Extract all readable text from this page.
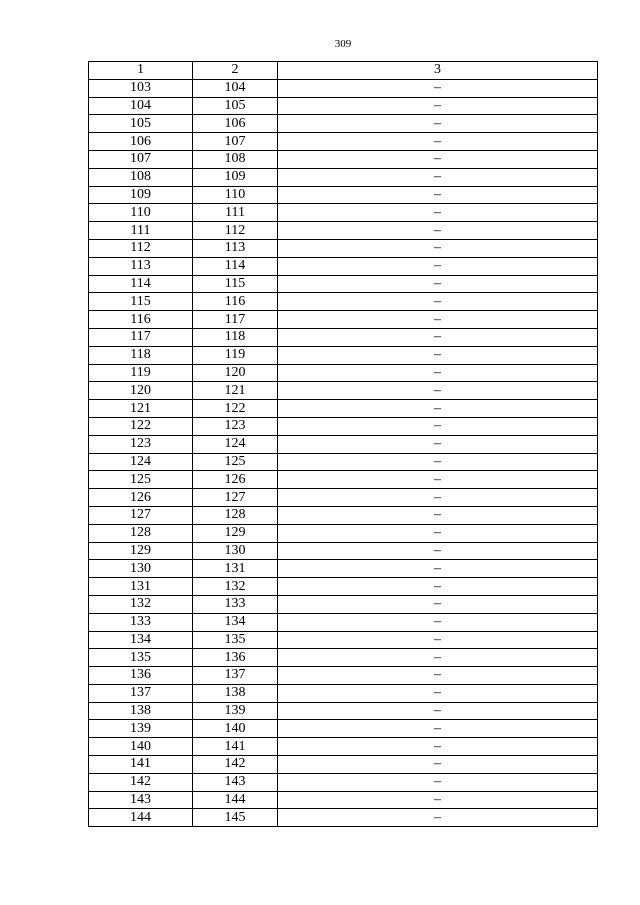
309
1	2	3
103	104	–
104	105	–
105	106	–
106	107	–
107	108	–
108	109	–
109	110	–
110	111	–
111	112	–
112	113	–
113	114	–
114	115	–
115	116	–
116	117	–
117	118	–
118	119	–
119	120	–
120	121	–
121	122	–
122	123	–
123	124	–
124	125	–
125	126	–
126	127	–
127	128	–
128	129	–
129	130	–
130	131	–
131	132	–
132	133	–
133	134	–
134	135	–
135	136	–
136	137	–
137	138	–
138	139	–
139	140	–
140	141	–
141	142	–
142	143	–
143	144	–
144	145	–
